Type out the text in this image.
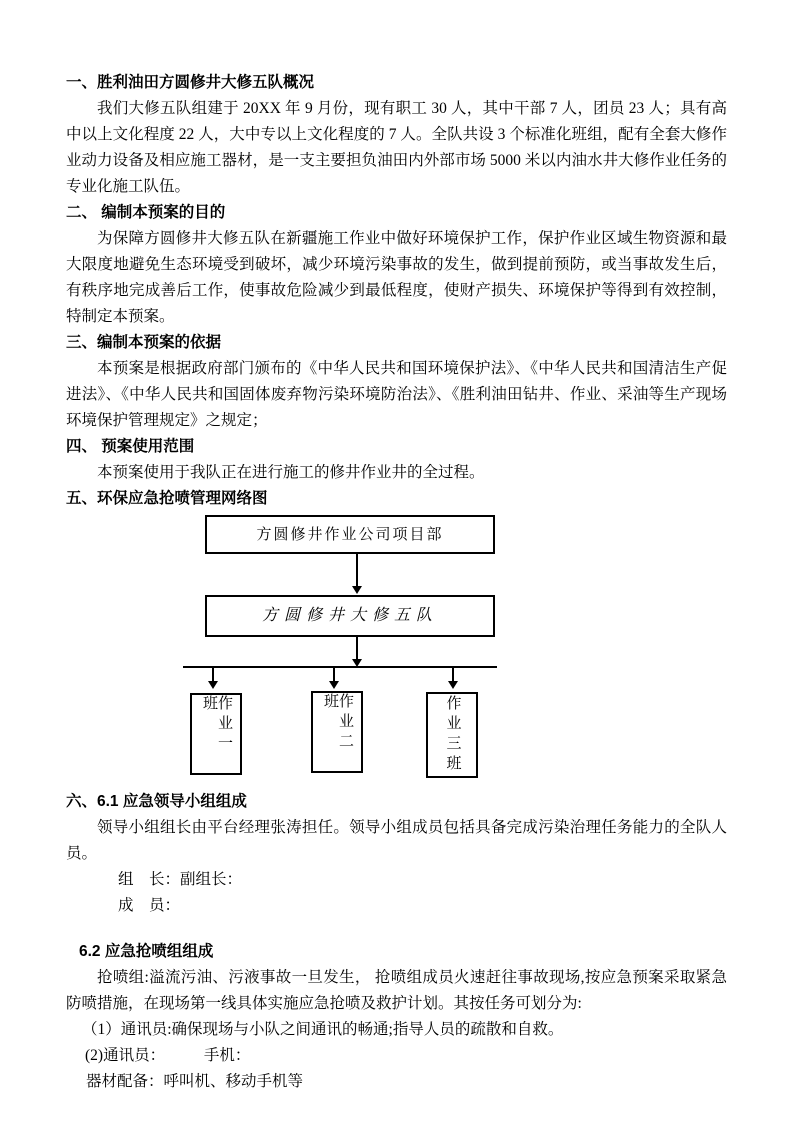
一、胜利油田方圆修井大修五队概况
我们大修五队组建于 20XX 年 9 月份，现有职工 30 人，其中干部 7 人，团员 23 人；具有高中以上文化程度 22 人，大中专以上文化程度的 7 人。全队共设 3 个标准化班组，配有全套大修作业动力设备及相应施工器材，是一支主要担负油田内外部市场 5000 米以内油水井大修作业任务的专业化施工队伍。
二、 编制本预案的目的
为保障方圆修井大修五队在新疆施工作业中做好环境保护工作，保护作业区域生物资源和最大限度地避免生态环境受到破坏，减少环境污染事故的发生，做到提前预防，或当事故发生后，有秩序地完成善后工作，使事故危险减少到最低程度，使财产损失、环境保护等得到有效控制，特制定本预案。
三、编制本预案的依据
本预案是根据政府部门颁布的《中华人民共和国环境保护法》、《中华人民共和国清洁生产促进法》、《中华人民共和国固体废弃物污染环境防治法》、《胜利油田钻井、作业、采油等生产现场环境保护管理规定》之规定；
四、 预案使用范围
本预案使用于我队正在进行施工的修井作业井的全过程。
五、环保应急抢喷管理网络图
方圆修井作业公司项目部
方圆修井大修五队
作业一班	作业二班	作业三班
六、6.1 应急领导小组组成
领导小组组长由平台经理张涛担任。领导小组成员包括具备完成污染治理任务能力的全队人员。
组　长：副组长：
成　员：
6.2 应急抢喷组组成
抢喷组:溢流污油、污液事故一旦发生， 抢喷组成员火速赶往事故现场,按应急预案采取紧急防喷措施，在现场第一线具体实施应急抢喷及救护计划。其按任务可划分为:
（1）通讯员:确保现场与小队之间通讯的畅通;指导人员的疏散和自救。
(2)通讯员：　　　手机：
器材配备：呼叫机、移动手机等
